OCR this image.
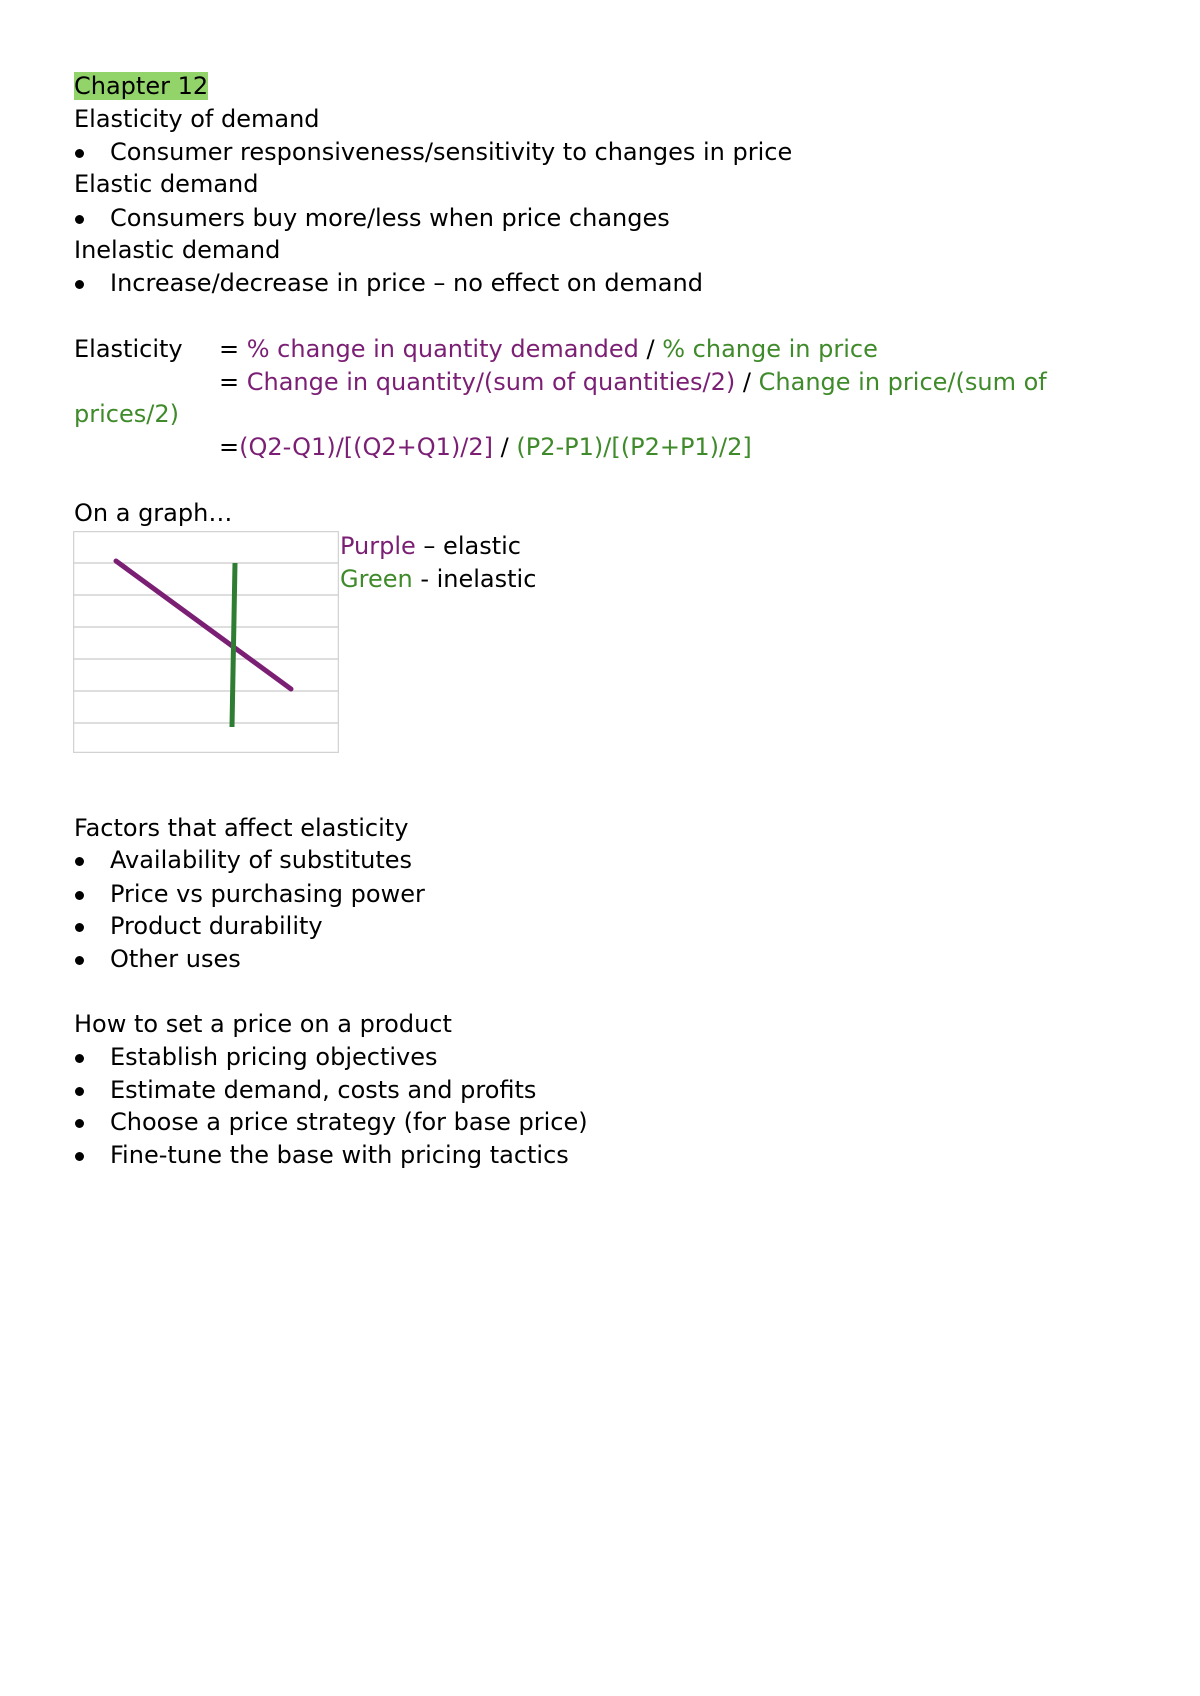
Chapter 12
Elasticity of demand
Consumer responsiveness/sensitivity to changes in price
Elastic demand
Consumers buy more/less when price changes
Inelastic demand
Increase/decrease in price – no effect on demand
Elasticity = % change in quantity demanded / % change in price
= Change in quantity/(sum of quantities/2) / Change in price/(sum of
prices/2)
=(Q2-Q1)/[(Q2+Q1)/2] / (P2-P1)/[(P2+P1)/2]
On a graph…
Purple – elastic
Green - inelastic
Factors that affect elasticity
Availability of substitutes
Price vs purchasing power
Product durability
Other uses
How to set a price on a product
Establish pricing objectives
Estimate demand, costs and profits
Choose a price strategy (for base price)
Fine-tune the base with pricing tactics
